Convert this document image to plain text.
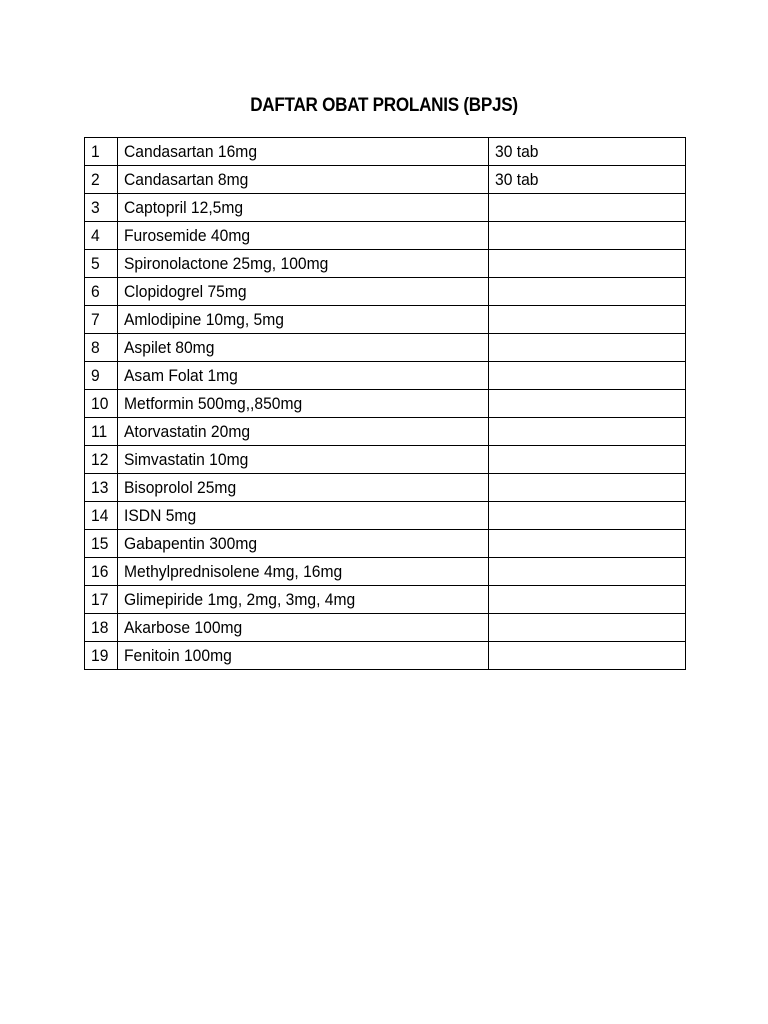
DAFTAR OBAT PROLANIS (BPJS)
1	Candasartan 16mg	30 tab
2	Candasartan 8mg	30 tab
3	Captopril 12,5mg	
4	Furosemide 40mg	
5	Spironolactone 25mg, 100mg	
6	Clopidogrel 75mg	
7	Amlodipine 10mg, 5mg	
8	Aspilet 80mg	
9	Asam Folat 1mg	
10	Metformin 500mg,,850mg	
11	Atorvastatin 20mg	
12	Simvastatin 10mg	
13	Bisoprolol 25mg	
14	ISDN 5mg	
15	Gabapentin 300mg	
16	Methylprednisolene 4mg, 16mg	
17	Glimepiride 1mg, 2mg, 3mg, 4mg	
18	Akarbose 100mg	
19	Fenitoin 100mg	
